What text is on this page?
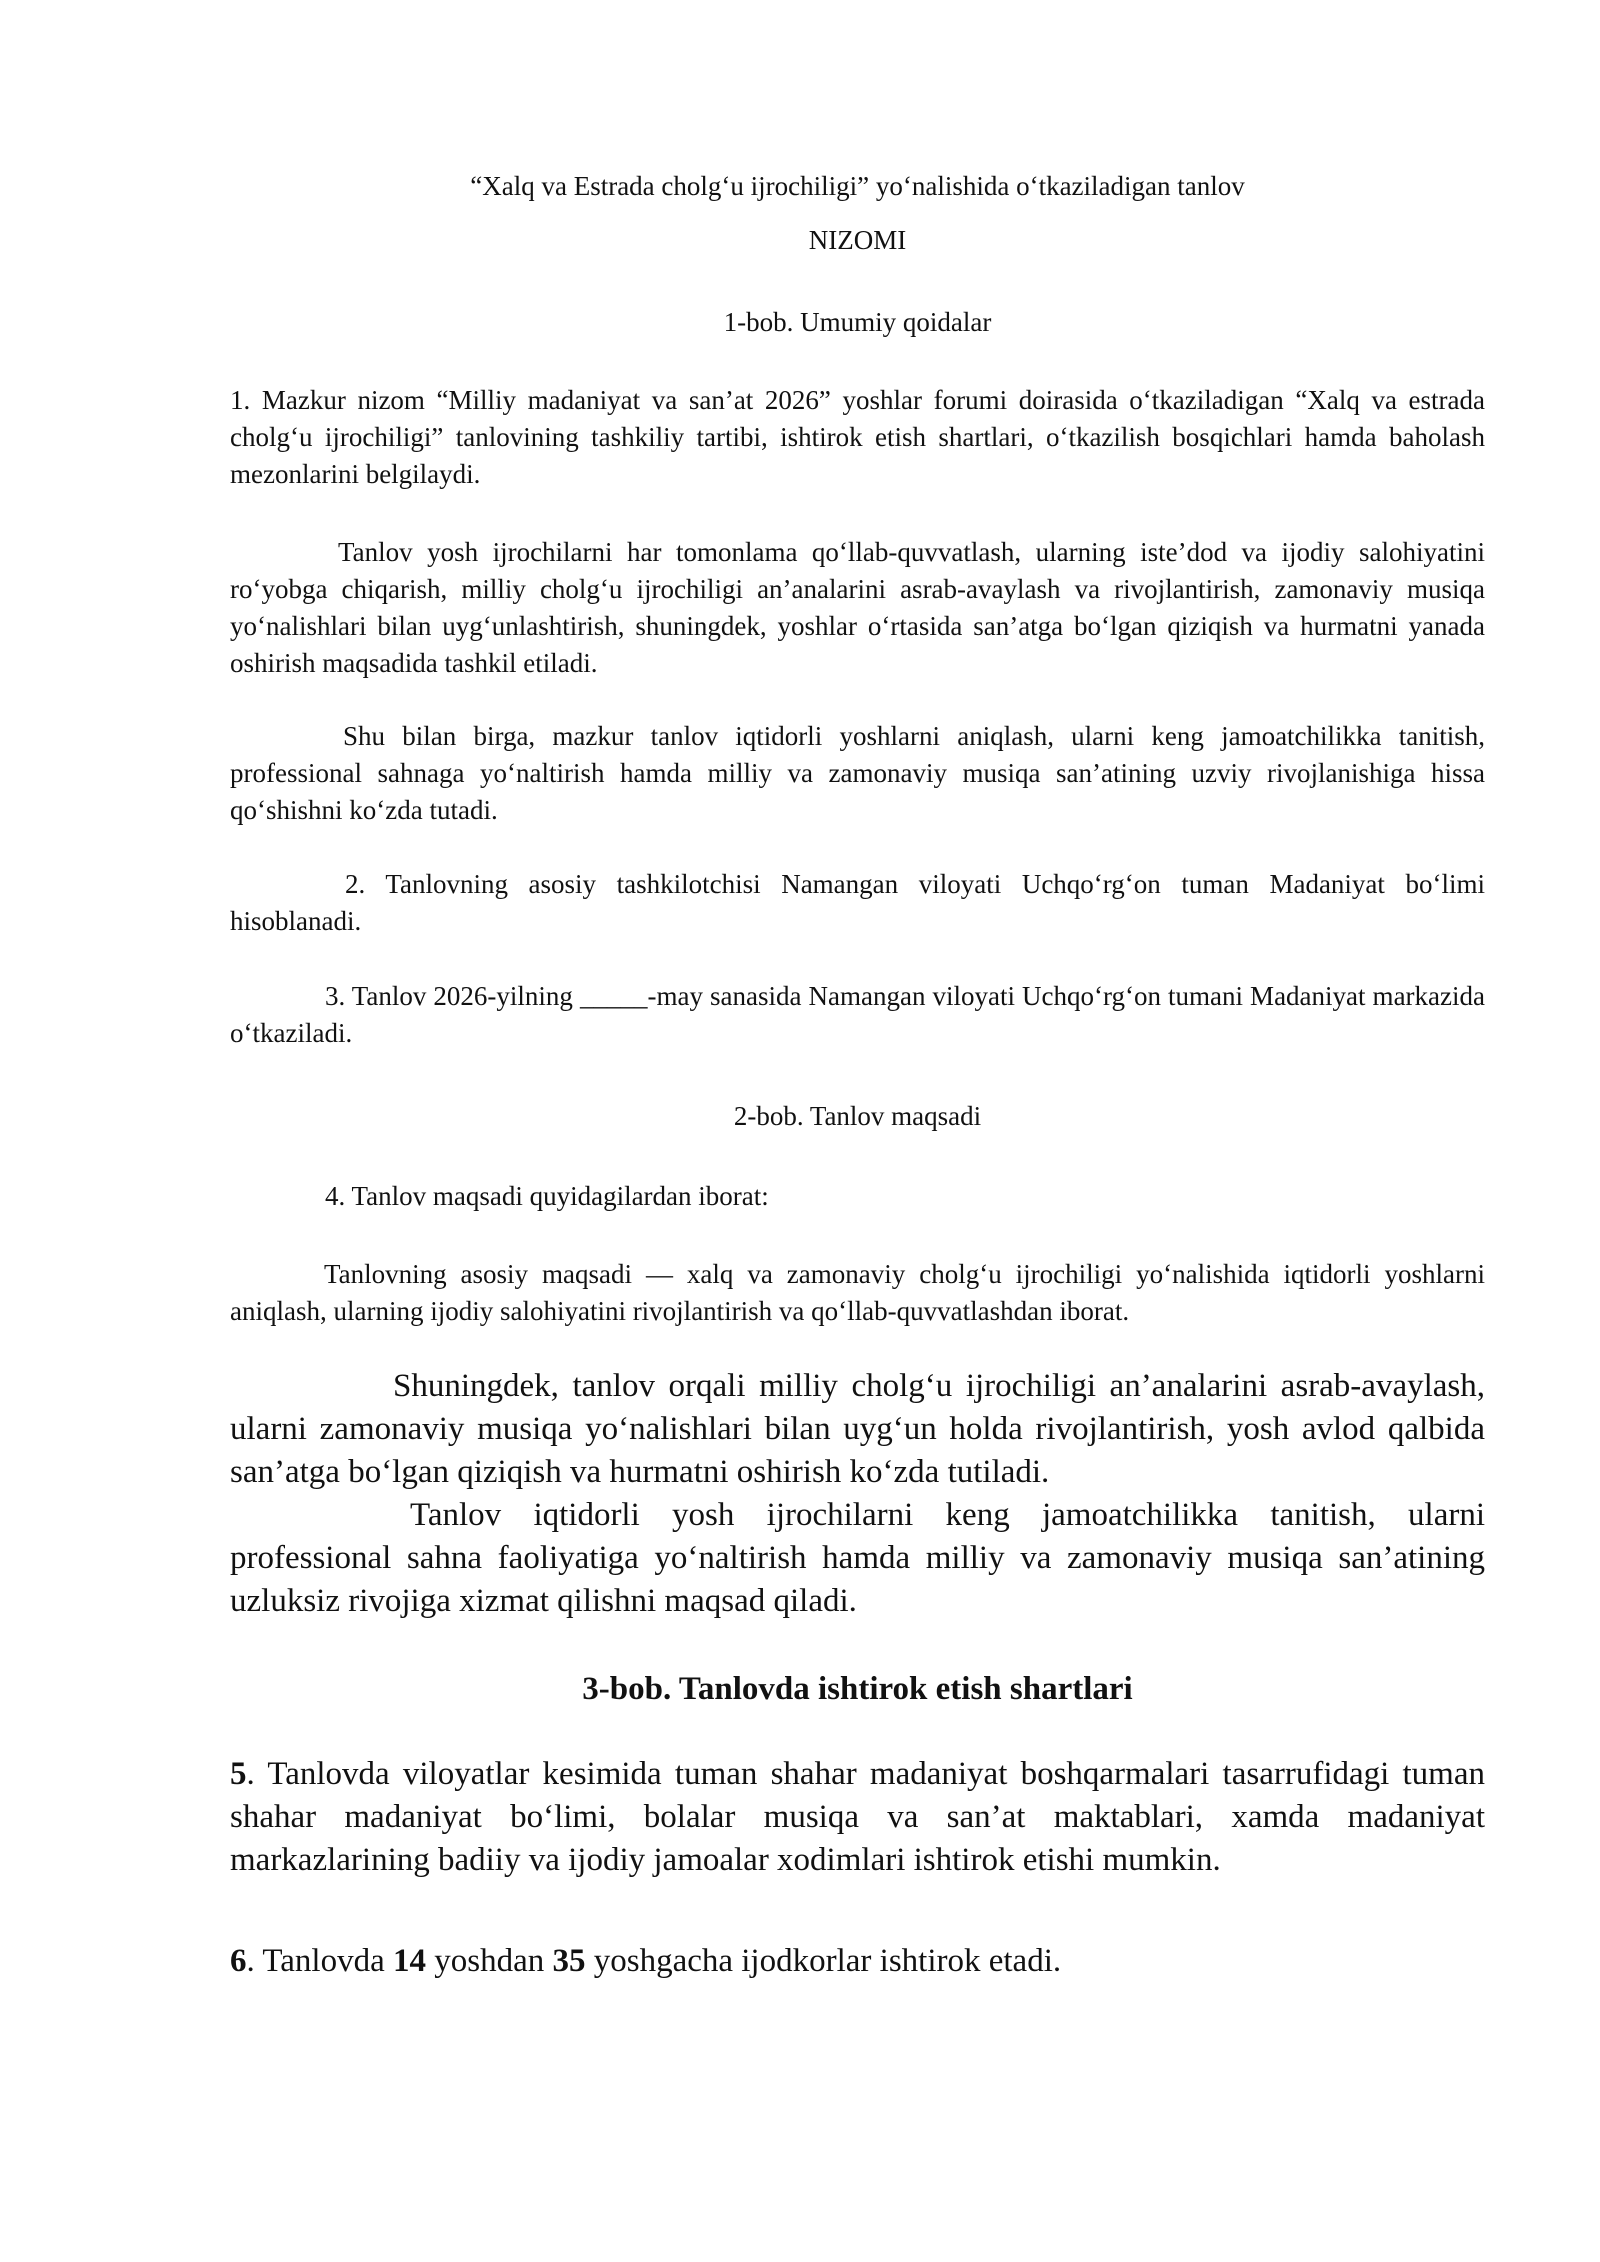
“Xalq va Estrada cholg‘u ijrochiligi” yo‘nalishida o‘tkaziladigan tanlov

NIZOMI

1-bob. Umumiy qoidalar

1. Mazkur nizom “Milliy madaniyat va san’at 2026” yoshlar forumi doirasida o‘tkaziladigan “Xalq va estrada cholg‘u ijrochiligi” tanlovining tashkiliy tartibi, ishtirok etish shartlari, o‘tkazilish bosqichlari hamda baholash mezonlarini belgilaydi.

Tanlov yosh ijrochilarni har tomonlama qo‘llab-quvvatlash, ularning iste’dod va ijodiy salohiyatini ro‘yobga chiqarish, milliy cholg‘u ijrochiligi an’analarini asrab-avaylash va rivojlantirish, zamonaviy musiqa yo‘nalishlari bilan uyg‘unlashtirish, shuningdek, yoshlar o‘rtasida san’atga bo‘lgan qiziqish va hurmatni yanada oshirish maqsadida tashkil etiladi.

Shu bilan birga, mazkur tanlov iqtidorli yoshlarni aniqlash, ularni keng jamoatchilikka tanitish, professional sahnaga yo‘naltirish hamda milliy va zamonaviy musiqa san’atining uzviy rivojlanishiga hissa qo‘shishni ko‘zda tutadi.

2. Tanlovning asosiy tashkilotchisi Namangan viloyati Uchqo‘rg‘on tuman Madaniyat bo‘limi hisoblanadi.

3. Tanlov 2026-yilning _____-may sanasida Namangan viloyati Uchqo‘rg‘on tumani Madaniyat markazida o‘tkaziladi.

2-bob. Tanlov maqsadi

4. Tanlov maqsadi quyidagilardan iborat:

Tanlovning asosiy maqsadi — xalq va zamonaviy cholg‘u ijrochiligi yo‘nalishida iqtidorli yoshlarni aniqlash, ularning ijodiy salohiyatini rivojlantirish va qo‘llab-quvvatlashdan iborat.

Shuningdek, tanlov orqali milliy cholg‘u ijrochiligi an’analarini asrab-avaylash, ularni zamonaviy musiqa yo‘nalishlari bilan uyg‘un holda rivojlantirish, yosh avlod qalbida san’atga bo‘lgan qiziqish va hurmatni oshirish ko‘zda tutiladi.

Tanlov iqtidorli yosh ijrochilarni keng jamoatchilikka tanitish, ularni professional sahna faoliyatiga yo‘naltirish hamda milliy va zamonaviy musiqa san’atining uzluksiz rivojiga xizmat qilishni maqsad qiladi.

3-bob. Tanlovda ishtirok etish shartlari

5. Tanlovda viloyatlar kesimida tuman shahar madaniyat boshqarmalari tasarrufidagi tuman shahar madaniyat bo‘limi, bolalar musiqa va san’at maktablari, xamda madaniyat markazlarining badiiy va ijodiy jamoalar xodimlari ishtirok etishi mumkin.

6. Tanlovda 14 yoshdan 35 yoshgacha ijodkorlar ishtirok etadi.
